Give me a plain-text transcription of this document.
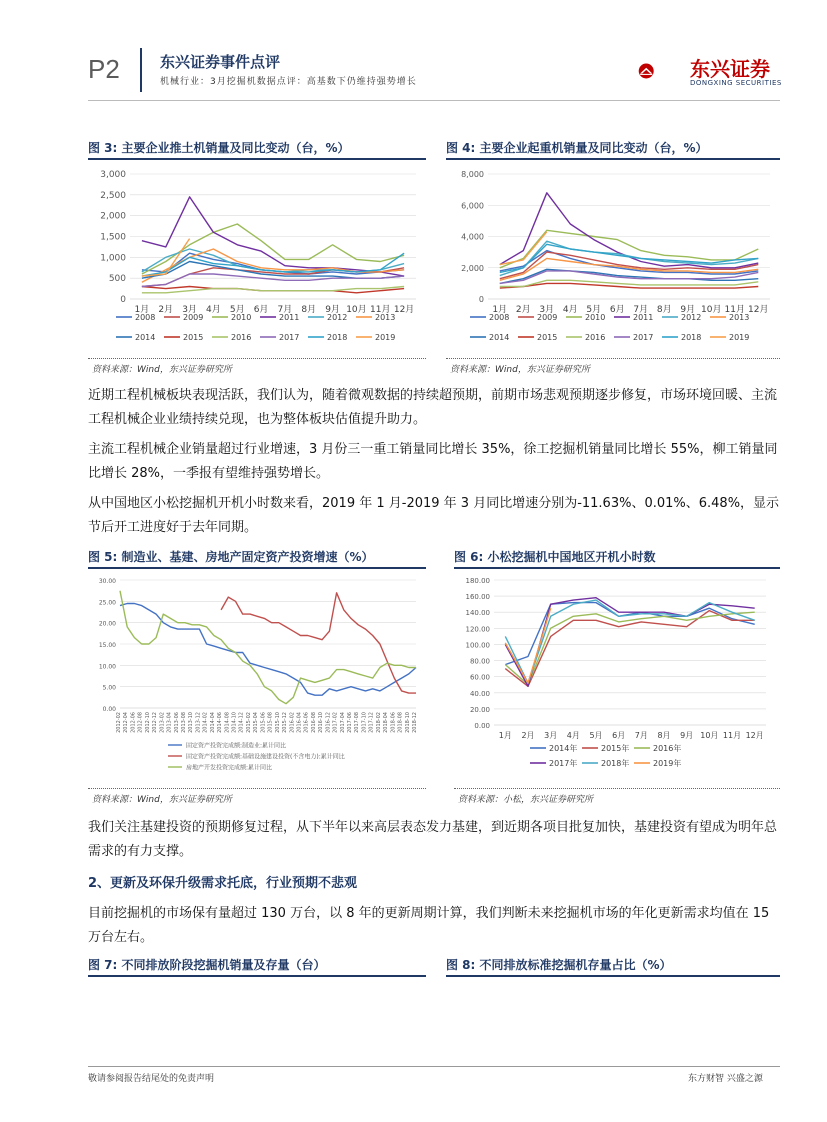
P2	东兴证券事件点评
机械行业：3月挖掘机数据点评：高基数下仍维持强势增长
东兴证券
DONGXING SECURITIES
图 3: 主要企业推土机销量及同比变动（台，%）
0
500
1,000
1,500
2,000
2,500
3,000
1月 2月 3月 4月 5月 6月 7月 8月 9月 10月 11月 12月
2008	2009	2010	2011	2012	2013
2014	2015	2016	2017	2018	2019
资料来源：Wind，东兴证券研究所
图 4: 主要企业起重机销量及同比变动（台，%）
0
2,000
4,000
6,000
8,000
1月 2月 3月 4月 5月 6月 7月 8月 9月 10月 11月 12月
2008	2009	2010	2011	2012	2013
2014	2015	2016	2017	2018	2019
资料来源：Wind，东兴证券研究所
近期工程机械板块表现活跃，我们认为，随着微观数据的持续超预期，前期市场悲观预期逐步修复，市场环境回暖、主流工程机械企业业绩持续兑现，也为整体板块估值提升助力。
主流工程机械企业销量超过行业增速，3 月份三一重工销量同比增长 35%，徐工挖掘机销量同比增长 55%，柳工销量同比增长 28%，一季报有望维持强势增长。
从中国地区小松挖掘机开机小时数来看，2019 年 1 月-2019 年 3 月同比增速分别为-11.63%、0.01%、6.48%，显示节后开工进度好于去年同期。
图 5: 制造业、基建、房地产固定资产投资增速（%）
0.00
5.00
10.00
15.00
20.00
25.00
30.00
2012-02 2012-04 2012-06 2012-08 2012-10 2012-12 2013-02 2013-04 2013-06 2013-08 2013-10 2013-12 2014-02 2014-04 2014-06 2014-08 2014-10 2014-12 2015-02 2015-04 2015-06 2015-08 2015-10 2015-12 2016-02 2016-04 2016-06 2016-08 2016-10 2016-12 2017-02 2017-04 2017-06 2017-08 2017-10 2017-12 2018-02 2018-04 2018-06 2018-08 2018-10 2018-12
固定资产投资完成额:制造业:累计同比
固定资产投资完成额:基础设施建设投资(不含电力):累计同比
房地产开发投资完成额:累计同比
资料来源：Wind，东兴证券研究所
图 6: 小松挖掘机中国地区开机小时数
0.00
20.00
40.00
60.00
80.00
100.00
120.00
140.00
160.00
180.00
1月 2月 3月 4月 5月 6月 7月 8月 9月 10月 11月 12月
2014年	2015年	2016年
2017年	2018年	2019年
资料来源：小松，东兴证券研究所
我们关注基建投资的预期修复过程，从下半年以来高层表态发力基建，到近期各项目批复加快，基建投资有望成为明年总需求的有力支撑。
2、更新及环保升级需求托底，行业预期不悲观
目前挖掘机的市场保有量超过 130 万台，以 8 年的更新周期计算，我们判断未来挖掘机市场的年化更新需求均值在 15 万台左右。
图 7: 不同排放阶段挖掘机销量及存量（台）	图 8: 不同排放标准挖掘机存量占比（%）
敬请参阅报告结尾处的免责声明	东方财智 兴盛之源
